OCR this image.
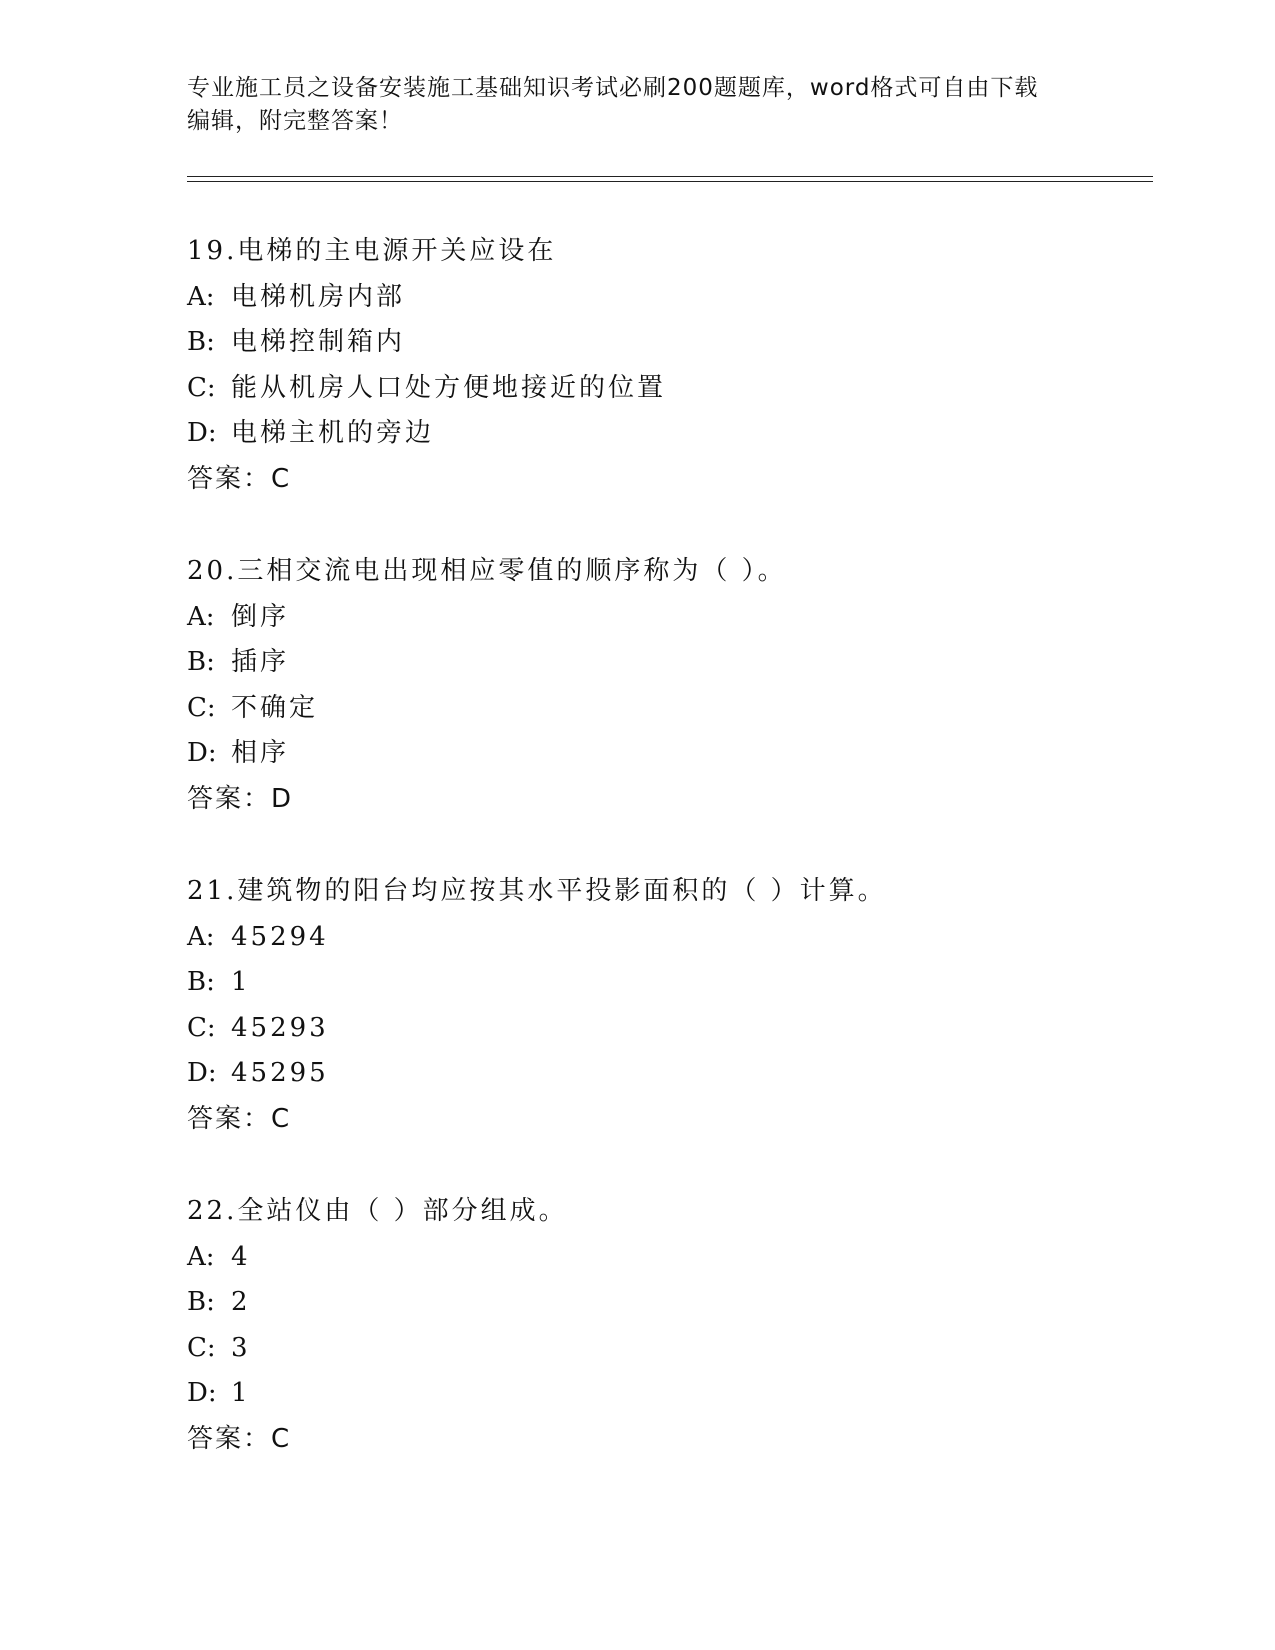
专业施工员之设备安装施工基础知识考试必刷200题题库，word格式可自由下载
编辑，附完整答案！
19.电梯的主电源开关应设在
A: 电梯机房内部
B: 电梯控制箱内
C: 能从机房人口处方便地接近的位置
D: 电梯主机的旁边
答案：C
20.三相交流电出现相应零值的顺序称为（ ）。
A: 倒序
B: 插序
C: 不确定
D: 相序
答案：D
21.建筑物的阳台均应按其水平投影面积的（ ）计算。
A: 45294
B: 1
C: 45293
D: 45295
答案：C
22.全站仪由（ ）部分组成。
A: 4
B: 2
C: 3
D: 1
答案：C
